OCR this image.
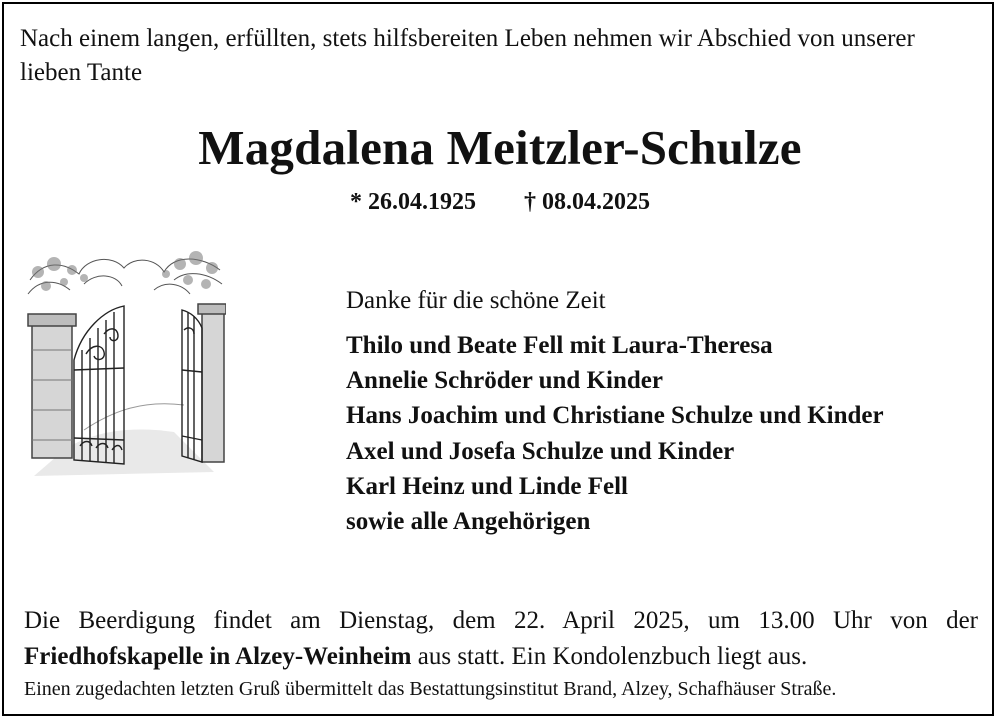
Nach einem langen, erfüllten, stets hilfsbereiten Leben nehmen wir Abschied von unserer lieben Tante

Magdalena Meitzler-Schulze
* 26.04.1925 † 08.04.2025

Danke für die schöne Zeit

Thilo und Beate Fell mit Laura-Theresa
Annelie Schröder und Kinder
Hans Joachim und Christiane Schulze und Kinder
Axel und Josefa Schulze und Kinder
Karl Heinz und Linde Fell
sowie alle Angehörigen

Die Beerdigung findet am Dienstag, dem 22. April 2025, um 13.00 Uhr von der

Friedhofskapelle in Alzey-Weinheim aus statt. Ein Kondolenzbuch liegt aus.

Einen zugedachten letzten Gruß übermittelt das Bestattungsinstitut Brand, Alzey, Schafhäuser Straße.
